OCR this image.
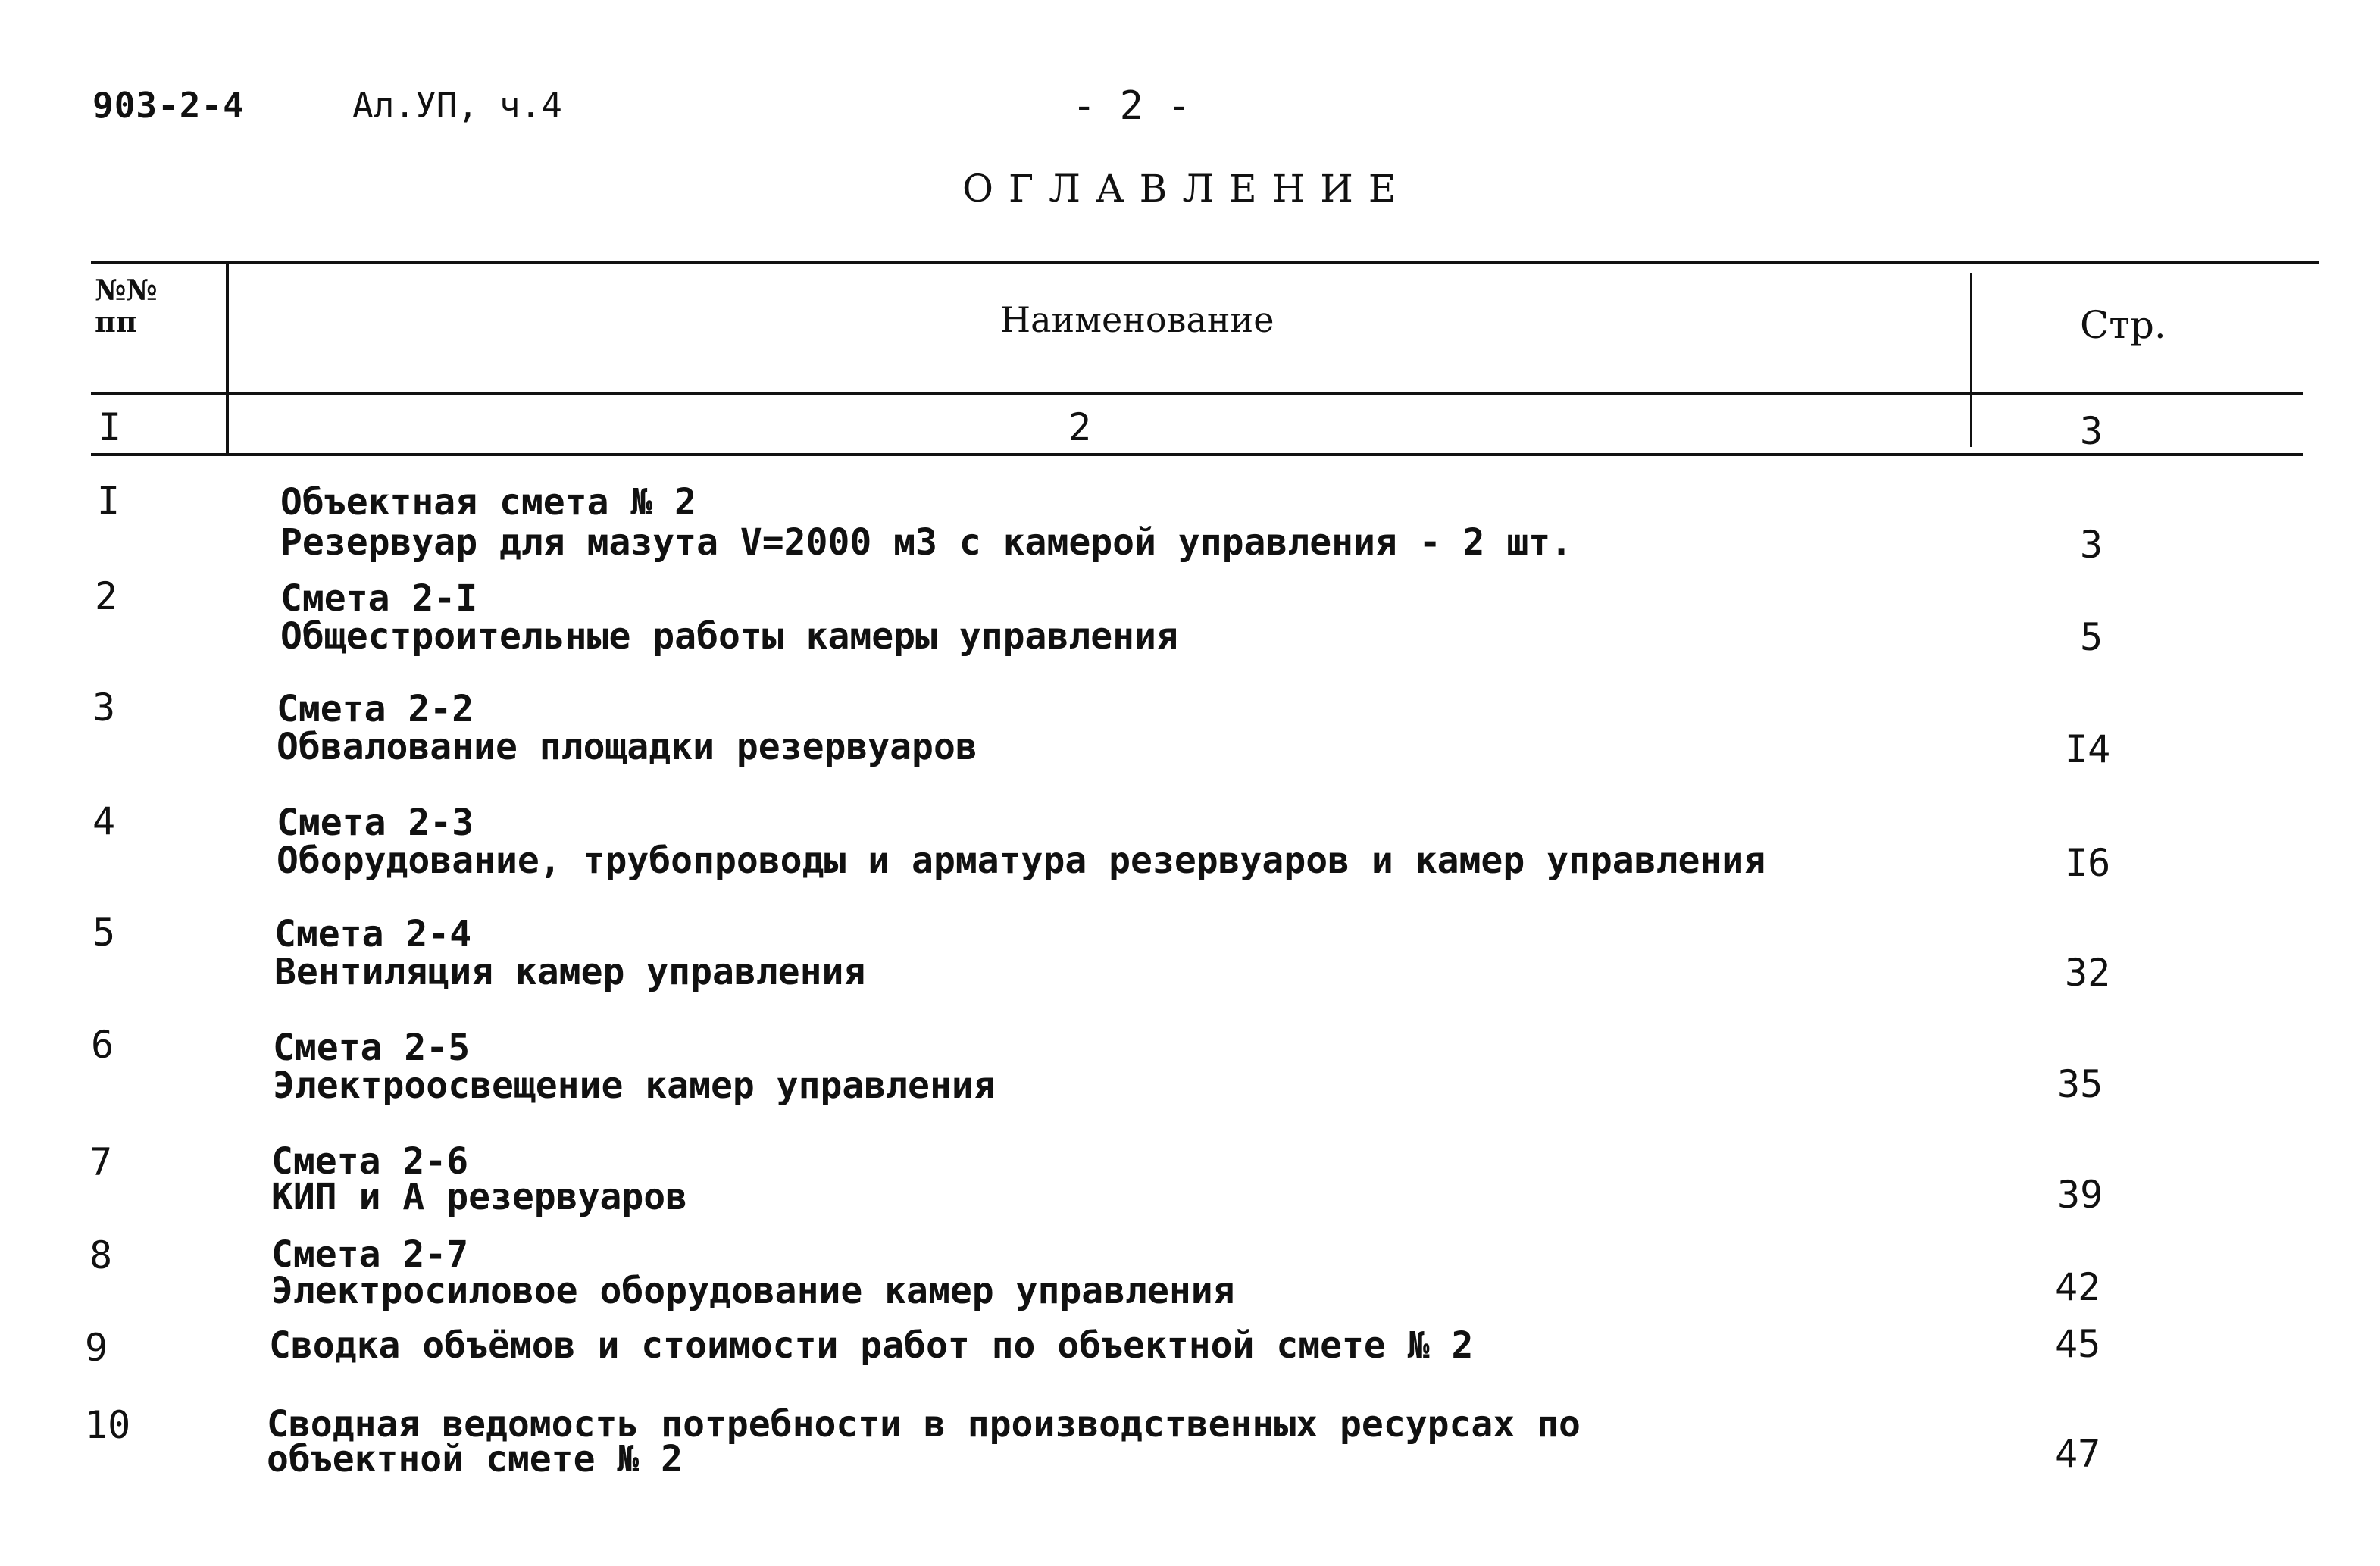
903-2-4	Ал.УП, ч.4	- 2 -
ОГЛАВЛЕНИЕ
№№ пп	Наименование	Стр.
I	2	3
I	Объектная смета № 2
Резервуар для мазута V=2000 м3 с камерой управления - 2 шт.	3
2	Смета 2-I
Общестроительные работы камеры управления	5
3	Смета 2-2
Обвалование площадки резервуаров	I4
4	Смета 2-3
Оборудование, трубопроводы и арматура резервуаров и камер управления	I6
5	Смета 2-4
Вентиляция камер управления	32
6	Смета 2-5
Электроосвещение камер управления	35
7	Смета 2-6
КИП и А резервуаров	39
8	Смета 2-7
Электросиловое оборудование камер управления	42
9	Сводка объёмов и стоимости работ по объектной смете № 2	45
10	Сводная ведомость потребности в производственных ресурсах по
объектной смете № 2	47
